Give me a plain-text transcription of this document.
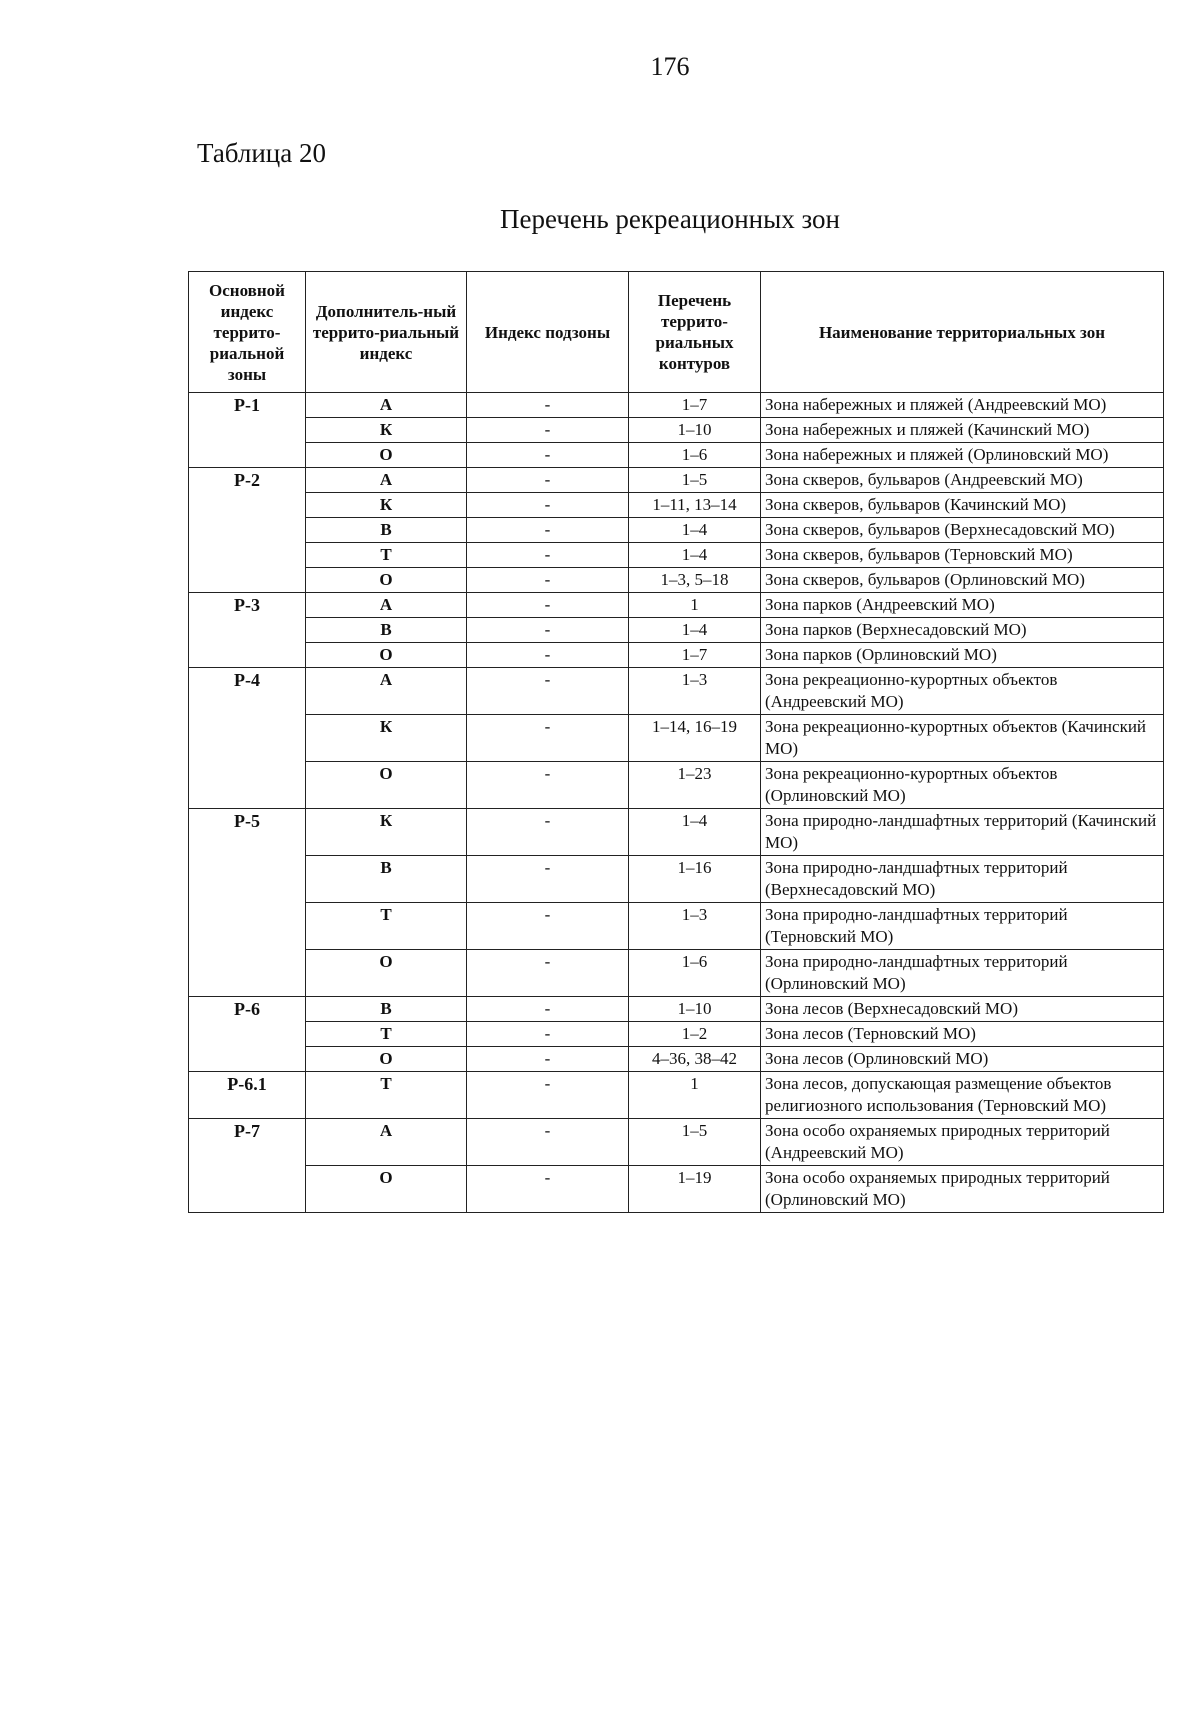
176
Таблица 20
Перечень рекреационных зон
Основной индекс террито-риальной зоны	Дополнитель-ный террито-риальный индекс	Индекс подзоны	Перечень террито-риальных контуров	Наименование территориальных зон
Р-1	А	-	1–7	Зона набережных и пляжей (Андреевский МО)
	К	-	1–10	Зона набережных и пляжей (Качинский МО)
	О	-	1–6	Зона набережных и пляжей (Орлиновский МО)
Р-2	А	-	1–5	Зона скверов, бульваров (Андреевский МО)
	К	-	1–11, 13–14	Зона скверов, бульваров (Качинский МО)
	В	-	1–4	Зона скверов, бульваров (Верхнесадовский МО)
	Т	-	1–4	Зона скверов, бульваров (Терновский МО)
	О	-	1–3, 5–18	Зона скверов, бульваров (Орлиновский МО)
Р-3	А	-	1	Зона парков (Андреевский МО)
	В	-	1–4	Зона парков (Верхнесадовский МО)
	О	-	1–7	Зона парков (Орлиновский МО)
Р-4	А	-	1–3	Зона рекреационно-курортных объектов (Андреевский МО)
	К	-	1–14, 16–19	Зона рекреационно-курортных объектов (Качинский МО)
	О	-	1–23	Зона рекреационно-курортных объектов (Орлиновский МО)
Р-5	К	-	1–4	Зона природно-ландшафтных территорий (Качинский МО)
	В	-	1–16	Зона природно-ландшафтных территорий (Верхнесадовский МО)
	Т	-	1–3	Зона природно-ландшафтных территорий (Терновский МО)
	О	-	1–6	Зона природно-ландшафтных территорий (Орлиновский МО)
Р-6	В	-	1–10	Зона лесов (Верхнесадовский МО)
	Т	-	1–2	Зона лесов (Терновский МО)
	О	-	4–36, 38–42	Зона лесов (Орлиновский МО)
Р-6.1	Т	-	1	Зона лесов, допускающая размещение объектов религиозного использования (Терновский МО)
Р-7	А	-	1–5	Зона особо охраняемых природных территорий (Андреевский МО)
	О	-	1–19	Зона особо охраняемых природных территорий (Орлиновский МО)
